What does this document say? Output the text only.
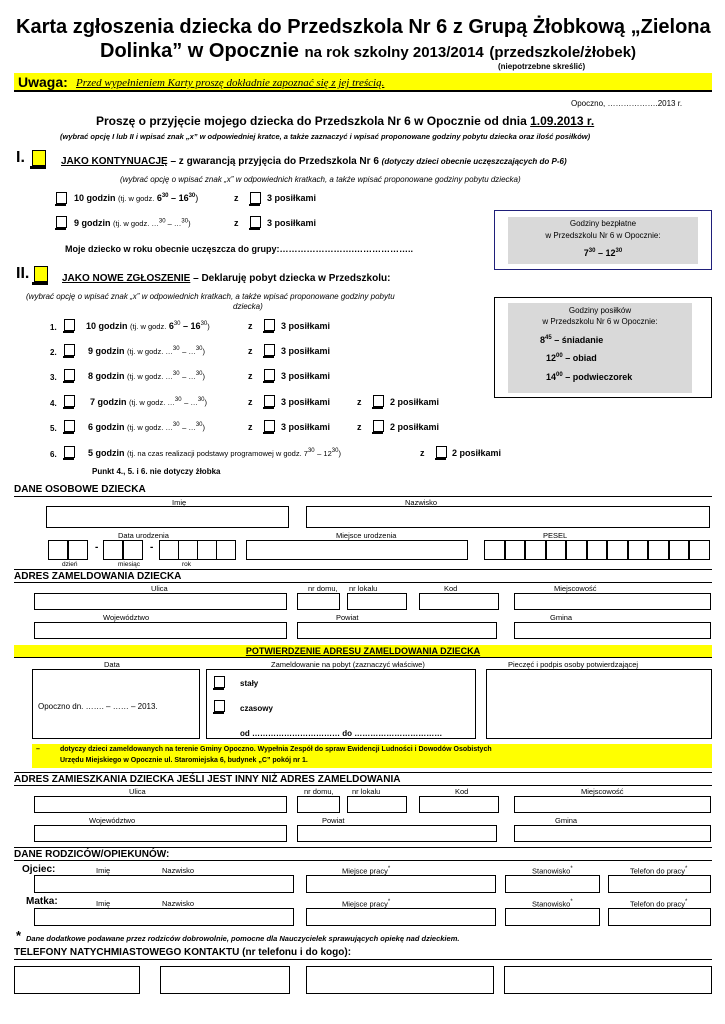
Karta zgłoszenia dziecka do Przedszkola Nr 6 z Grupą Żłobkową „Zielona
Dolinka” w Opocznie na rok szkolny 2013/2014 (przedszkole/żłobek)
(niepotrzebne skreślić)
Uwaga: Przed wypełnieniem Karty proszę dokładnie zapoznać się z jej treścią.
Opoczno, ……………….2013 r.
Proszę o przyjęcie mojego dziecka do Przedszkola Nr 6 w Opocznie od dnia 1.09.2013 r.
(wybrać opcję I lub II i wpisać znak „x” w odpowiedniej kratce, a także zaznaczyć i wpisać proponowane godziny pobytu dziecka oraz ilość posiłków)
I.	JAKO KONTYNUACJĘ – z gwarancją przyjęcia do Przedszkola Nr 6 (dotyczy dzieci obecnie uczęszczających do P-6)
(wybrać opcję o wpisać znak „x” w odpowiednich kratkach, a także wpisać proponowane godziny pobytu dziecka)
10 godzin (tj. w godz. $6^{30} - 16^{30}$)	z	3 posiłkami
9 godzin (tj. w godz. …$^{30}$ – …$^{30}$)	z	3 posiłkami
Moje dziecko w roku obecnie uczęszcza do grupy:…………………….………………..
Godziny bezpłatne
w Przedszkolu Nr 6 w Opocznie:
$7^{30} - 12^{30}$
II.	JAKO NOWE ZGŁOSZENIE – Deklaruję pobyt dziecka w Przedszkolu:
(wybrać opcję o wpisać znak „x” w odpowiednich kratkach, a także wpisać proponowane godziny pobytu
dziecka)
1.	10 godzin (tj. w godz. $6^{30} - 16^{30}$)	z	3 posiłkami
2.	9 godzin (tj. w godz. …$^{30}$ – …$^{30}$)	z	3 posiłkami
3.	8 godzin (tj. w godz. …$^{30}$ – …$^{30}$)	z	3 posiłkami
4.	7 godzin (tj. w godz. …$^{30}$ – …$^{30}$)	z	3 posiłkami	z	2 posiłkami
5.	6 godzin (tj. w godz. …$^{30}$ – …$^{30}$)	z	3 posiłkami	z	2 posiłkami
6.	5 godzin (tj. na czas realizacji podstawy programowej w godz. $7^{30} - 12^{30}$)	z	2 posiłkami
Punkt 4., 5. i 6. nie dotyczy żłobka
Godziny posiłków
w Przedszkolu Nr 6 w Opocznie:
$8^{45}$ – śniadanie
$12^{00}$ – obiad
$14^{00}$ – podwieczorek
DANE OSOBOWE DZIECKA
Imię	Nazwisko
Data urodzenia	Miejsce urodzenia	PESEL
-	-
dzień	miesiąc	rok
ADRES ZAMELDOWANIA DZIECKA
Ulica	nr domu, nr lokalu	Kod	Miejscowość
Województwo	Powiat	Gmina
POTWIERDZENIE ADRESU ZAMELDOWANIA DZIECKA
Data	Zameldowanie na pobyt (zaznaczyć właściwe)	Pieczęć i podpis osoby potwierdzającej
Opoczno dn. ……. – …… – 2013.
stały
czasowy
od …………………………… do ……………………………
–	dotyczy dzieci zameldowanych na terenie Gminy Opoczno. Wypełnia Zespół do spraw Ewidencji Ludności i Dowodów Osobistych
Urzędu Miejskiego w Opocznie ul. Staromiejska 6, budynek „C” pokój nr 1.
ADRES ZAMIESZKANIA DZIECKA JEŚLI JEST INNY NIŻ ADRES ZAMELDOWANIA
Ulica	nr domu, nr lokalu	Kod	Miejscowość
Województwo	Powiat	Gmina
DANE RODZICÓW/OPIEKUNÓW:
Ojciec:	Imię	Nazwisko	Miejsce pracy*	Stanowisko*	Telefon do pracy*
Matka:	Imię	Nazwisko	Miejsce pracy*	Stanowisko*	Telefon do pracy*
* Dane dodatkowe podawane przez rodziców dobrowolnie, pomocne dla Nauczycielek sprawujących opiekę nad dzieckiem.
TELEFONY NATYCHMIASTOWEGO KONTAKTU (nr telefonu i do kogo):
